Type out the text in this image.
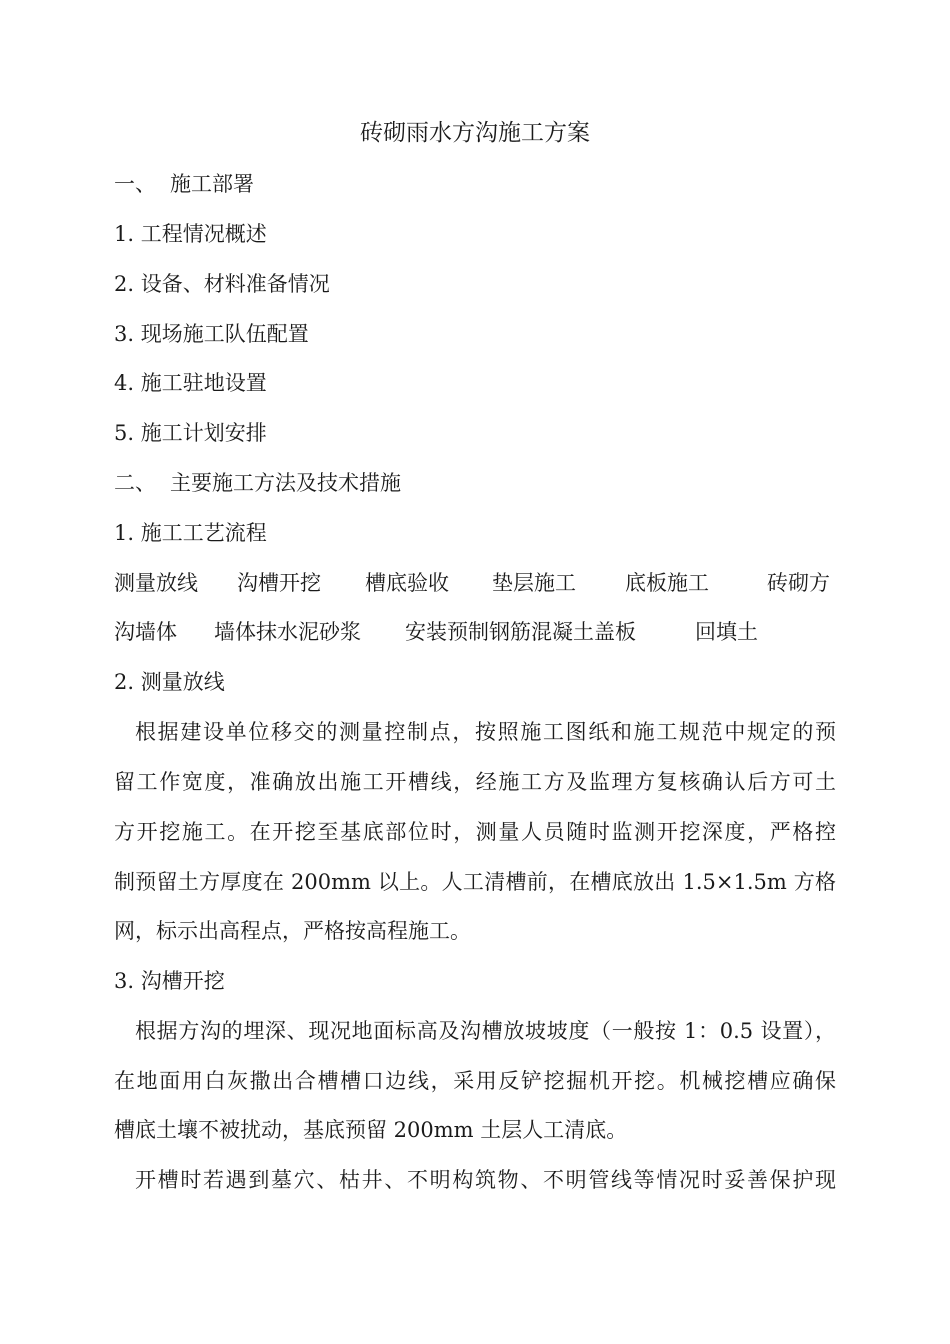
砖砌雨水方沟施工方案
一、 施工部署
1. 工程情况概述
2. 设备、材料准备情况
3. 现场施工队伍配置
4. 施工驻地设置
5. 施工计划安排
二、 主要施工方法及技术措施
1. 施工工艺流程
测量放线 沟槽开挖 槽底验收 垫层施工 底板施工	砖砌方
沟墙体 墙体抹水泥砂浆 安装预制钢筋混凝土盖板	回填土
2. 测量放线
根据建设单位移交的测量控制点，按照施工图纸和施工规范中规定的预
留工作宽度，准确放出施工开槽线，经施工方及监理方复核确认后方可土
方开挖施工。在开挖至基底部位时，测量人员随时监测开挖深度，严格控
制预留土方厚度在 200mm 以上。人工清槽前，在槽底放出 1.5×1.5m 方格
网，标示出高程点，严格按高程施工。
3. 沟槽开挖
根据方沟的埋深、现况地面标高及沟槽放坡坡度（一般按 1：0.5 设置），
在地面用白灰撒出合槽槽口边线，采用反铲挖掘机开挖。机械挖槽应确保
槽底土壤不被扰动，基底预留 200mm 土层人工清底。
开槽时若遇到墓穴、枯井、不明构筑物、不明管线等情况时妥善保护现
